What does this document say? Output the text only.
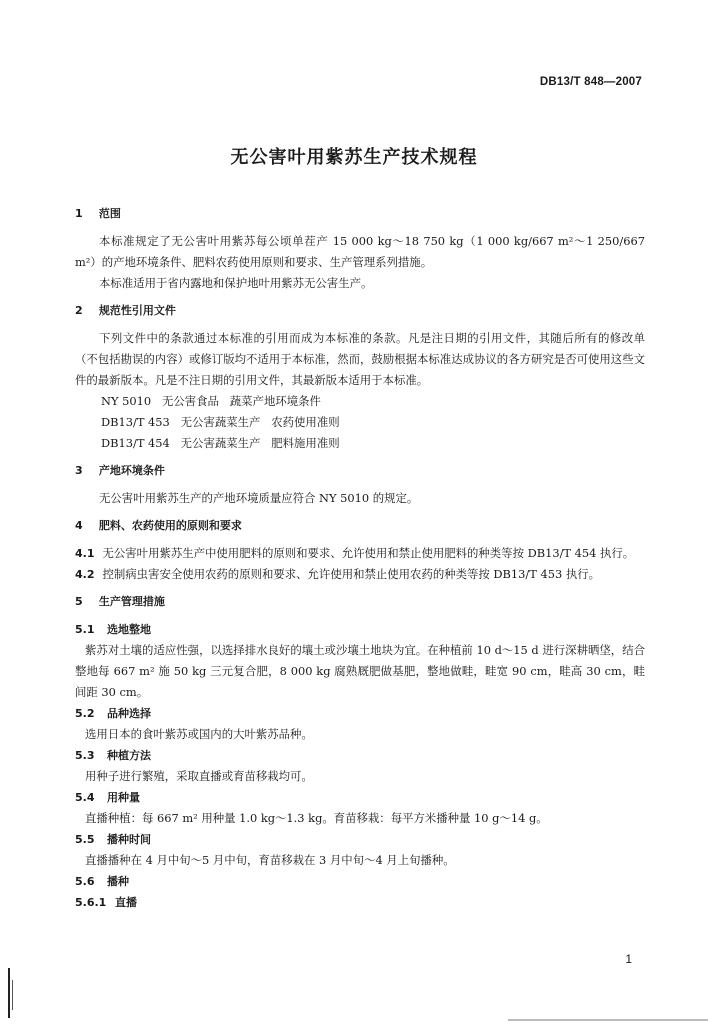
DB13/T 848—2007
无公害叶用紫苏生产技术规程
1 范围

本标准规定了无公害叶用紫苏每公顷单茬产 15 000 kg～18 750 kg（1 000 kg/667 m²～1 250/667 m²）的产地环境条件、肥料农药使用原则和要求、生产管理系列措施。

本标准适用于省内露地和保护地叶用紫苏无公害生产。

2 规范性引用文件

下列文件中的条款通过本标准的引用而成为本标准的条款。凡是注日期的引用文件，其随后所有的修改单（不包括勘误的内容）或修订版均不适用于本标准，然而，鼓励根据本标准达成协议的各方研究是否可使用这些文件的最新版本。凡是不注日期的引用文件，其最新版本适用于本标准。

NY 5010   无公害食品   蔬菜产地环境条件

DB13/T 453   无公害蔬菜生产   农药使用准则

DB13/T 454   无公害蔬菜生产   肥料施用准则

3 产地环境条件

无公害叶用紫苏生产的产地环境质量应符合 NY 5010 的规定。

4 肥料、农药使用的原则和要求

4.1 无公害叶用紫苏生产中使用肥料的原则和要求、允许使用和禁止使用肥料的种类等按 DB13/T 454 执行。

4.2 控制病虫害安全使用农药的原则和要求、允许使用和禁止使用农药的种类等按 DB13/T 453 执行。

5 生产管理措施
5.1 选地整地

紫苏对土壤的适应性强，以选择排水良好的壤土或沙壤土地块为宜。在种植前 10 d～15 d 进行深耕晒垡，结合整地每 667 m² 施 50 kg 三元复合肥，8 000 kg 腐熟厩肥做基肥，整地做畦，畦宽 90 cm，畦高 30 cm，畦间距 30 cm。

5.2 品种选择

选用日本的食叶紫苏或国内的大叶紫苏品种。

5.3 种植方法

用种子进行繁殖，采取直播或育苗移栽均可。

5.4 用种量

直播种植：每 667 m² 用种量 1.0 kg～1.3 kg。育苗移栽：每平方米播种量 10 g～14 g。

5.5 播种时间

直播播种在 4 月中旬～5 月中旬，育苗移栽在 3 月中旬～4 月上旬播种。

5.6 播种
5.6.1 直播
1
